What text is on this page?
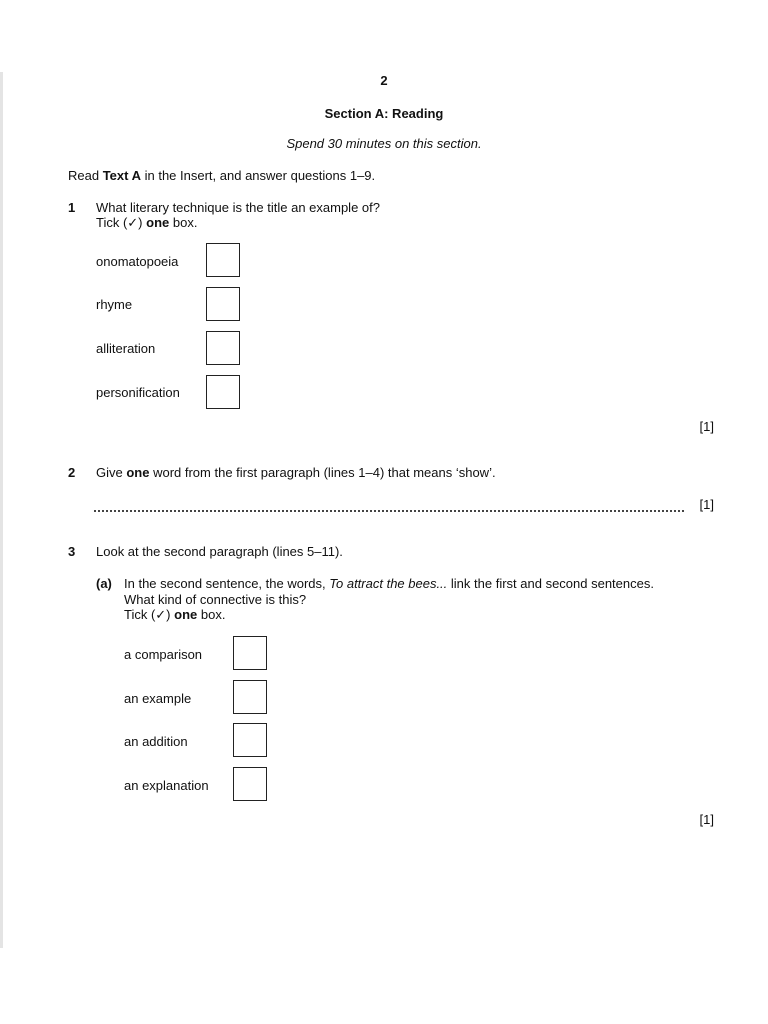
2
Section A: Reading
Spend 30 minutes on this section.
Read Text A in the Insert, and answer questions 1–9.
1 What literary technique is the title an example of?
Tick (✓) one box.
onomatopoeia
rhyme
alliteration
personification
[1]
2 Give one word from the first paragraph (lines 1–4) that means ‘show’.
[1]
3 Look at the second paragraph (lines 5–11).
(a) In the second sentence, the words, To attract the bees... link the first and second sentences.
What kind of connective is this?
Tick (✓) one box.
a comparison
an example
an addition
an explanation
[1]
